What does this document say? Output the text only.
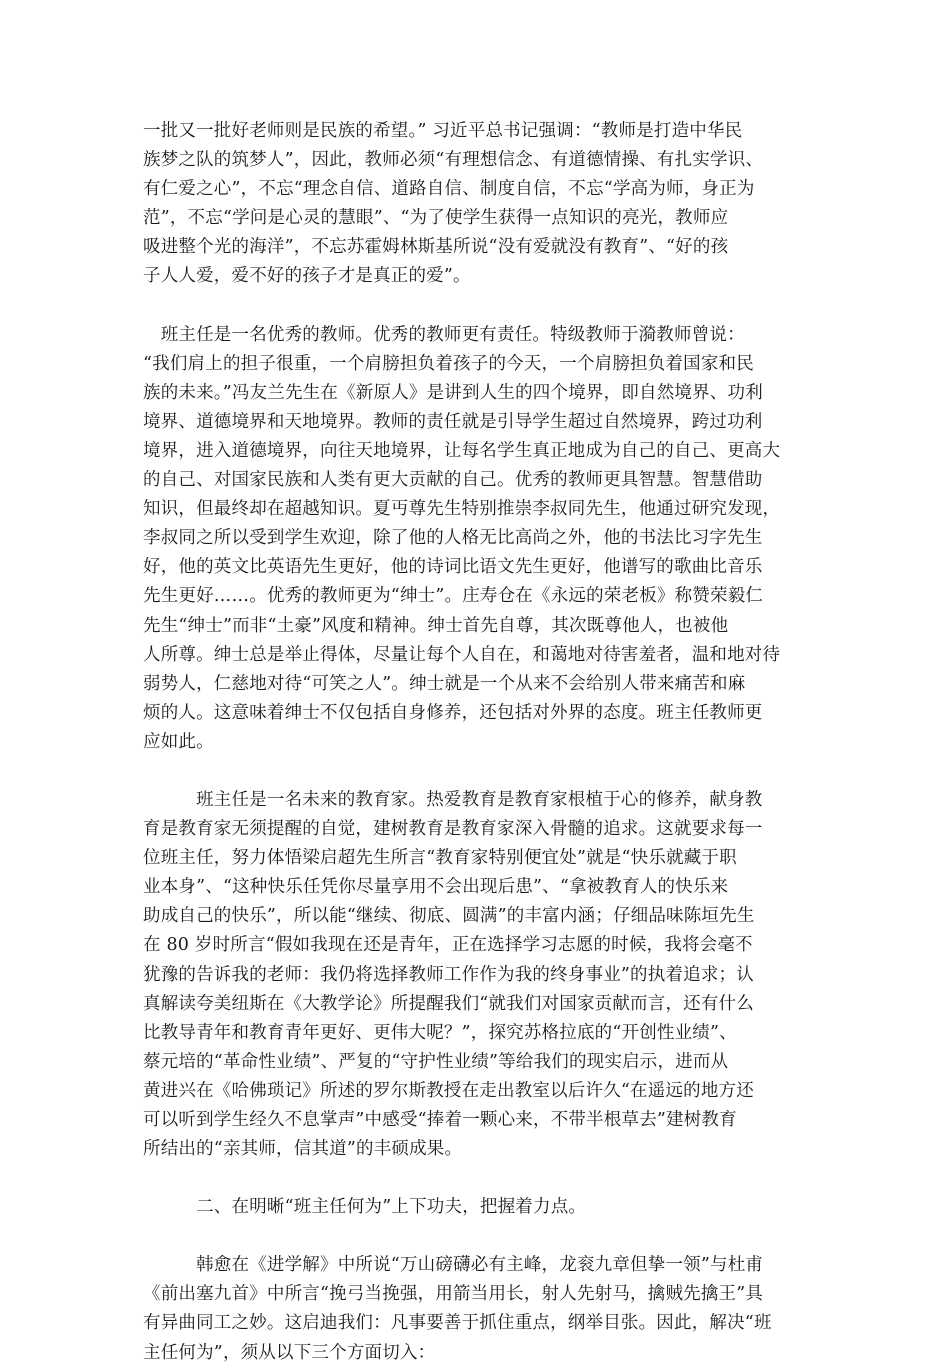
一批又一批好老师则是民族的希望。” 习近平总书记强调：“教师是打造中华民
族梦之队的筑梦人”，因此，教师必须“有理想信念、有道德情操、有扎实学识、
有仁爱之心”，不忘“理念自信、道路自信、制度自信，不忘“学高为师，身正为
范”，不忘“学问是心灵的慧眼”、“为了使学生获得一点知识的亮光，教师应
吸进整个光的海洋”，不忘苏霍姆林斯基所说“没有爱就没有教育”、“好的孩
子人人爱，爱不好的孩子才是真正的爱”。

　班主任是一名优秀的教师。优秀的教师更有责任。特级教师于漪教师曾说：
“我们肩上的担子很重，一个肩膀担负着孩子的今天，一个肩膀担负着国家和民
族的未来。”冯友兰先生在《新原人》是讲到人生的四个境界，即自然境界、功利
境界、道德境界和天地境界。教师的责任就是引导学生超过自然境界，跨过功利
境界，进入道德境界，向往天地境界，让每名学生真正地成为自己的自己、更高大
的自己、对国家民族和人类有更大贡献的自己。优秀的教师更具智慧。智慧借助
知识，但最终却在超越知识。夏丏尊先生特别推崇李叔同先生，他通过研究发现，
李叔同之所以受到学生欢迎，除了他的人格无比高尚之外，他的书法比习字先生
好，他的英文比英语先生更好，他的诗词比语文先生更好，他谱写的歌曲比音乐
先生更好……。优秀的教师更为“绅士”。庄寿仓在《永远的荣老板》称赞荣毅仁
先生“绅士”而非“土豪”风度和精神。绅士首先自尊，其次既尊他人，也被他
人所尊。绅士总是举止得体，尽量让每个人自在，和蔼地对待害羞者，温和地对待
弱势人，仁慈地对待“可笑之人”。绅士就是一个从来不会给别人带来痛苦和麻
烦的人。这意味着绅士不仅包括自身修养，还包括对外界的态度。班主任教师更
应如此。

　　　班主任是一名未来的教育家。热爱教育是教育家根植于心的修养，献身教
育是教育家无须提醒的自觉，建树教育是教育家深入骨髓的追求。这就要求每一
位班主任，努力体悟梁启超先生所言“教育家特别便宜处”就是“快乐就藏于职
业本身”、“这种快乐任凭你尽量享用不会出现后患”、“拿被教育人的快乐来
助成自己的快乐”，所以能“继续、彻底、圆满”的丰富内涵；仔细品味陈垣先生
在 80 岁时所言“假如我现在还是青年，正在选择学习志愿的时候，我将会毫不
犹豫的告诉我的老师：我仍将选择教师工作作为我的终身事业”的执着追求；认
真解读夸美纽斯在《大教学论》所提醒我们“就我们对国家贡献而言，还有什么
比教导青年和教育青年更好、更伟大呢？”，探究苏格拉底的“开创性业绩”、
蔡元培的“革命性业绩”、严复的“守护性业绩”等给我们的现实启示，进而从
黄进兴在《哈佛琐记》所述的罗尔斯教授在走出教室以后许久“在遥远的地方还
可以听到学生经久不息掌声”中感受“捧着一颗心来，不带半根草去”建树教育
所结出的“亲其师，信其道”的丰硕成果。

　　　二、在明晰“班主任何为”上下功夫，把握着力点。

　　　韩愈在《进学解》中所说“万山磅礴必有主峰，龙衮九章但挚一领”与杜甫
《前出塞九首》中所言“挽弓当挽强，用箭当用长，射人先射马，擒贼先擒王”具
有异曲同工之妙。这启迪我们：凡事要善于抓住重点，纲举目张。因此，解决“班
主任何为”，须从以下三个方面切入：
